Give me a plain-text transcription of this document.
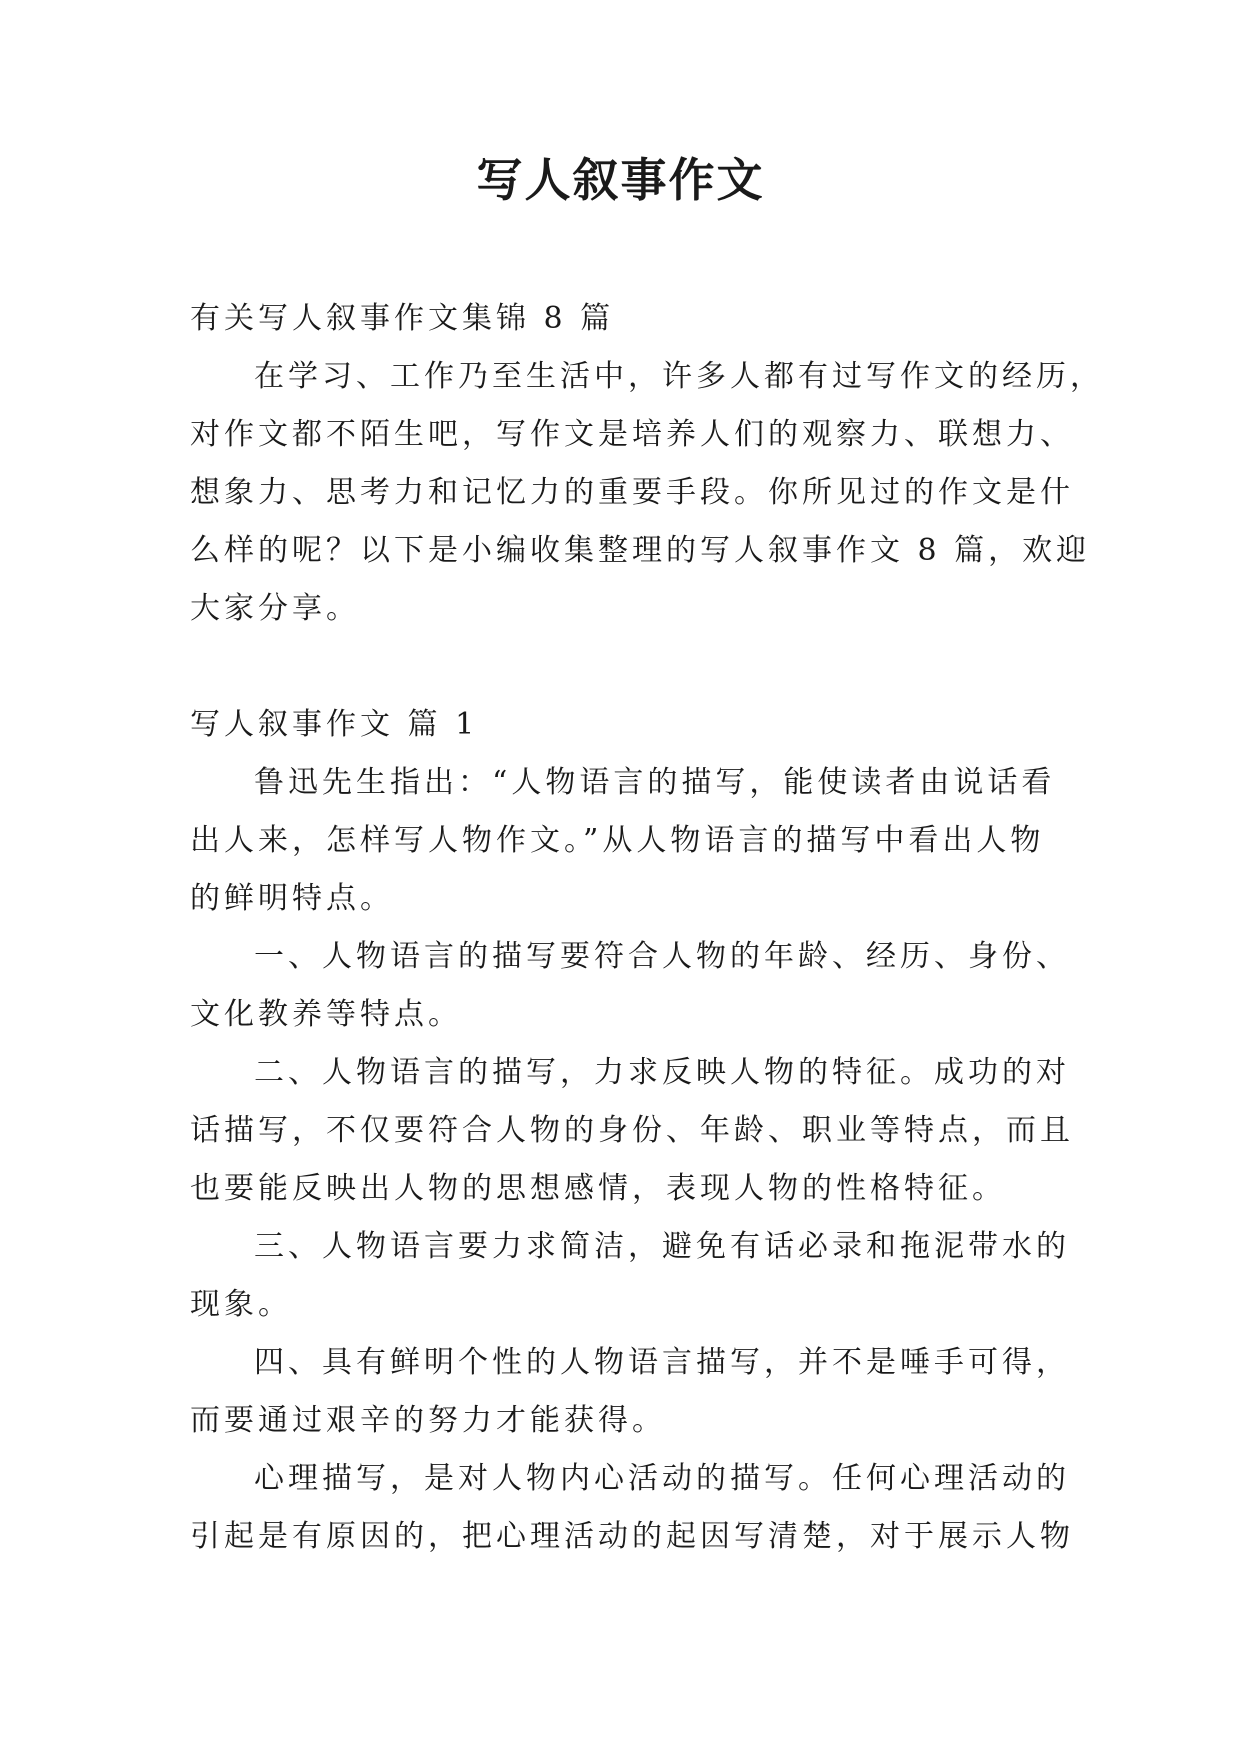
写人叙事作文

有关写人叙事作文集锦 8 篇

在学习、工作乃至生活中，许多人都有过写作文的经历，

对作文都不陌生吧，写作文是培养人们的观察力、联想力、

想象力、思考力和记忆力的重要手段。你所见过的作文是什

么样的呢？以下是小编收集整理的写人叙事作文 8 篇，欢迎

大家分享。

写人叙事作文 篇 1

鲁迅先生指出：“人物语言的描写，能使读者由说话看

出人来，怎样写人物作文。”从人物语言的描写中看出人物

的鲜明特点。

一、人物语言的描写要符合人物的年龄、经历、身份、

文化教养等特点。

二、人物语言的描写，力求反映人物的特征。成功的对

话描写，不仅要符合人物的身份、年龄、职业等特点，而且

也要能反映出人物的思想感情，表现人物的性格特征。

三、人物语言要力求简洁，避免有话必录和拖泥带水的

现象。

四、具有鲜明个性的人物语言描写，并不是唾手可得，

而要通过艰辛的努力才能获得。

心理描写，是对人物内心活动的描写。任何心理活动的

引起是有原因的，把心理活动的起因写清楚，对于展示人物
